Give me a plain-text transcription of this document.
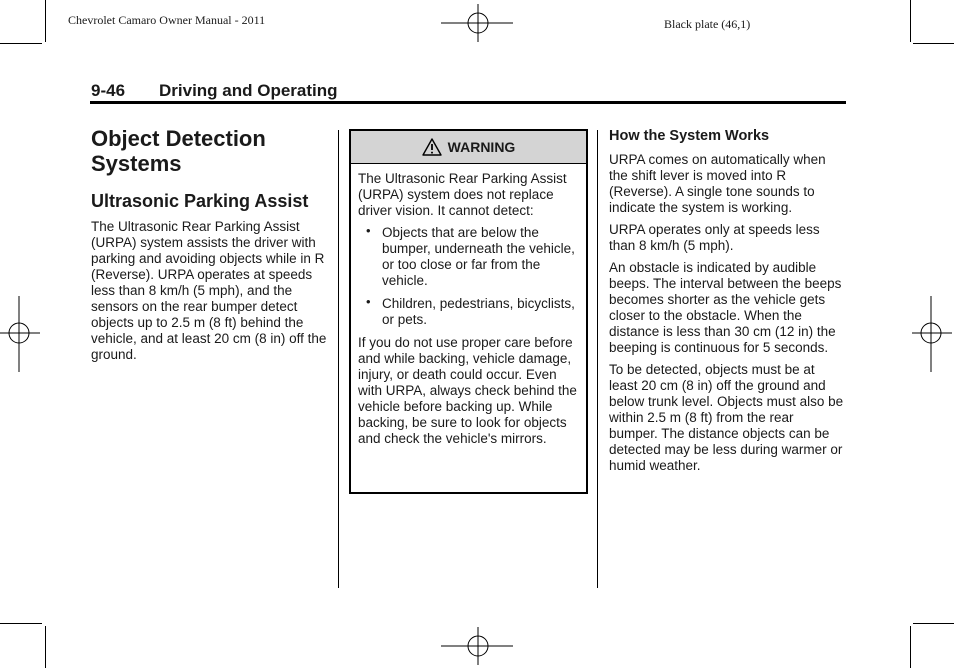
Chevrolet Camaro Owner Manual - 2011	Black plate (46,1)
9-46 Driving and Operating
Object Detection Systems
Ultrasonic Parking Assist
The Ultrasonic Rear Parking Assist (URPA) system assists the driver with parking and avoiding objects while in R (Reverse). URPA operates at speeds less than 8 km/h (5 mph), and the sensors on the rear bumper detect objects up to 2.5 m (8 ft) behind the vehicle, and at least 20 cm (8 in) off the ground.
WARNING

The Ultrasonic Rear Parking Assist (URPA) system does not replace driver vision. It cannot detect:

• Objects that are below the bumper, underneath the vehicle, or too close or far from the vehicle.
• Children, pedestrians, bicyclists, or pets.

If you do not use proper care before and while backing, vehicle damage, injury, or death could occur. Even with URPA, always check behind the vehicle before backing up. While backing, be sure to look for objects and check the vehicle's mirrors.

How the System Works

URPA comes on automatically when the shift lever is moved into R (Reverse). A single tone sounds to indicate the system is working.

URPA operates only at speeds less than 8 km/h (5 mph).

An obstacle is indicated by audible beeps. The interval between the beeps becomes shorter as the vehicle gets closer to the obstacle. When the distance is less than 30 cm (12 in) the beeping is continuous for 5 seconds.

To be detected, objects must be at least 20 cm (8 in) off the ground and below trunk level. Objects must also be within 2.5 m (8 ft) from the rear bumper. The distance objects can be detected may be less during warmer or humid weather.
